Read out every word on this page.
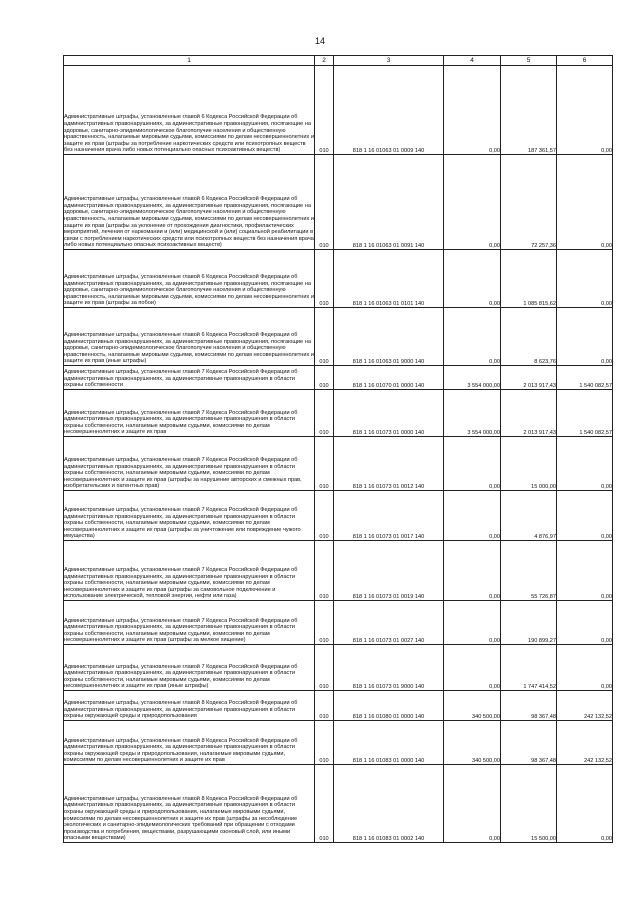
14
1	2	3	4	5	6
Административные штрафы, установленные главой 6 Кодекса Российской Федерации об административных правонарушениях, за административные правонарушения, посягающие на здоровье, санитарно-эпидемиологическое благополучие населения и общественную нравственность, налагаемые мировыми судьями, комиссиями по делам несовершеннолетних и защите их прав (штрафы за потребление наркотических средств или психотропных веществ без назначения врача либо новых потенциально опасных психоактивных веществ)	010	818 1 16 01063 01 0009 140	0,00	187 361,57	0,00
Административные штрафы, установленные главой 6 Кодекса Российской Федерации об административных правонарушениях, за административные правонарушения, посягающие на здоровье, санитарно-эпидемиологическое благополучие населения и общественную нравственность, налагаемые мировыми судьями, комиссиями по делам несовершеннолетних и защите их прав (штрафы за уклонение от прохождения диагностики, профилактических мероприятий, лечения от наркомании и (или) медицинской и (или) социальной реабилитации в связи с потреблением наркотических средств или психотропных веществ без назначения врача либо новых потенциально опасных психоактивных веществ)	010	818 1 16 01063 01 0091 140	0,00	72 257,36	0,00
Административные штрафы, установленные главой 6 Кодекса Российской Федерации об административных правонарушениях, за административные правонарушения, посягающие на здоровье, санитарно-эпидемиологическое благополучие населения и общественную нравственность, налагаемые мировыми судьями, комиссиями по делам несовершеннолетних и защите их прав (штрафы за побои)	010	818 1 16 01063 01 0101 140	0,00	1 085 815,62	0,00
Административные штрафы, установленные главой 6 Кодекса Российской Федерации об административных правонарушениях, за административные правонарушения, посягающие на здоровье, санитарно-эпидемиологическое благополучие населения и общественную нравственность, налагаемые мировыми судьями, комиссиями по делам несовершеннолетних и защите их прав (иные штрафы)	010	818 1 16 01063 01 9000 140	0,00	8 623,76	0,00
Административные штрафы, установленные главой 7 Кодекса Российской Федерации об административных правонарушениях, за административные правонарушения в области охраны собственности	010	818 1 16 01070 01 0000 140	3 554 000,00	2 013 917,43	1 540 082,57
Административные штрафы, установленные главой 7 Кодекса Российской Федерации об административных правонарушениях, за административные правонарушения в области охраны собственности, налагаемые мировыми судьями, комиссиями по делам несовершеннолетних и защите их прав	010	818 1 16 01073 01 0000 140	3 554 000,00	2 013 917,43	1 540 082,57
Административные штрафы, установленные главой 7 Кодекса Российской Федерации об административных правонарушениях, за административные правонарушения в области охраны собственности, налагаемые мировыми судьями, комиссиями по делам несовершеннолетних и защите их прав (штрафы за нарушение авторских и смежных прав, изобретательских и патентных прав)	010	818 1 16 01073 01 0012 140	0,00	15 000,00	0,00
Административные штрафы, установленные главой 7 Кодекса Российской Федерации об административных правонарушениях, за административные правонарушения в области охраны собственности, налагаемые мировыми судьями, комиссиями по делам несовершеннолетних и защите их прав (штрафы за уничтожение или повреждение чужого имущества)	010	818 1 16 01073 01 0017 140	0,00	4 876,97	0,00
Административные штрафы, установленные главой 7 Кодекса Российской Федерации об административных правонарушениях, за административные правонарушения в области охраны собственности, налагаемые мировыми судьями, комиссиями по делам несовершеннолетних и защите их прав (штрафы за самовольное подключение и использование электрической, тепловой энергии, нефти или газа)	010	818 1 16 01073 01 0019 140	0,00	55 726,87	0,00
Административные штрафы, установленные главой 7 Кодекса Российской Федерации об административных правонарушениях, за административные правонарушения в области охраны собственности, налагаемые мировыми судьями, комиссиями по делам несовершеннолетних и защите их прав (штрафы за мелкое хищение)	010	818 1 16 01073 01 0027 140	0,00	190 899,27	0,00
Административные штрафы, установленные главой 7 Кодекса Российской Федерации об административных правонарушениях, за административные правонарушения в области охраны собственности, налагаемые мировыми судьями, комиссиями по делам несовершеннолетних и защите их прав (иные штрафы)	010	818 1 16 01073 01 9000 140	0,00	1 747 414,52	0,00
Административные штрафы, установленные главой 8 Кодекса Российской Федерации об административных правонарушениях, за административные правонарушения в области охраны окружающей среды и природопользования	010	818 1 16 01080 01 0000 140	340 500,00	98 367,48	242 132,52
Административные штрафы, установленные главой 8 Кодекса Российской Федерации об административных правонарушениях, за административные правонарушения в области охраны окружающей среды и природопользования, налагаемые мировыми судьями, комиссиями по делам несовершеннолетних и защите их прав	010	818 1 16 01083 01 0000 140	340 500,00	98 367,48	242 132,52
Административные штрафы, установленные главой 8 Кодекса Российской Федерации об административных правонарушениях, за административные правонарушения в области охраны окружающей среды и природопользования, налагаемые мировыми судьями, комиссиями по делам несовершеннолетних и защите их прав (штрафы за несоблюдение экологических и санитарно-эпидемиологических требований при обращении с отходами производства и потребления, веществами, разрушающими озоновый слой, или иными опасными веществами)	010	818 1 16 01083 01 0002 140	0,00	15 500,00	0,00
